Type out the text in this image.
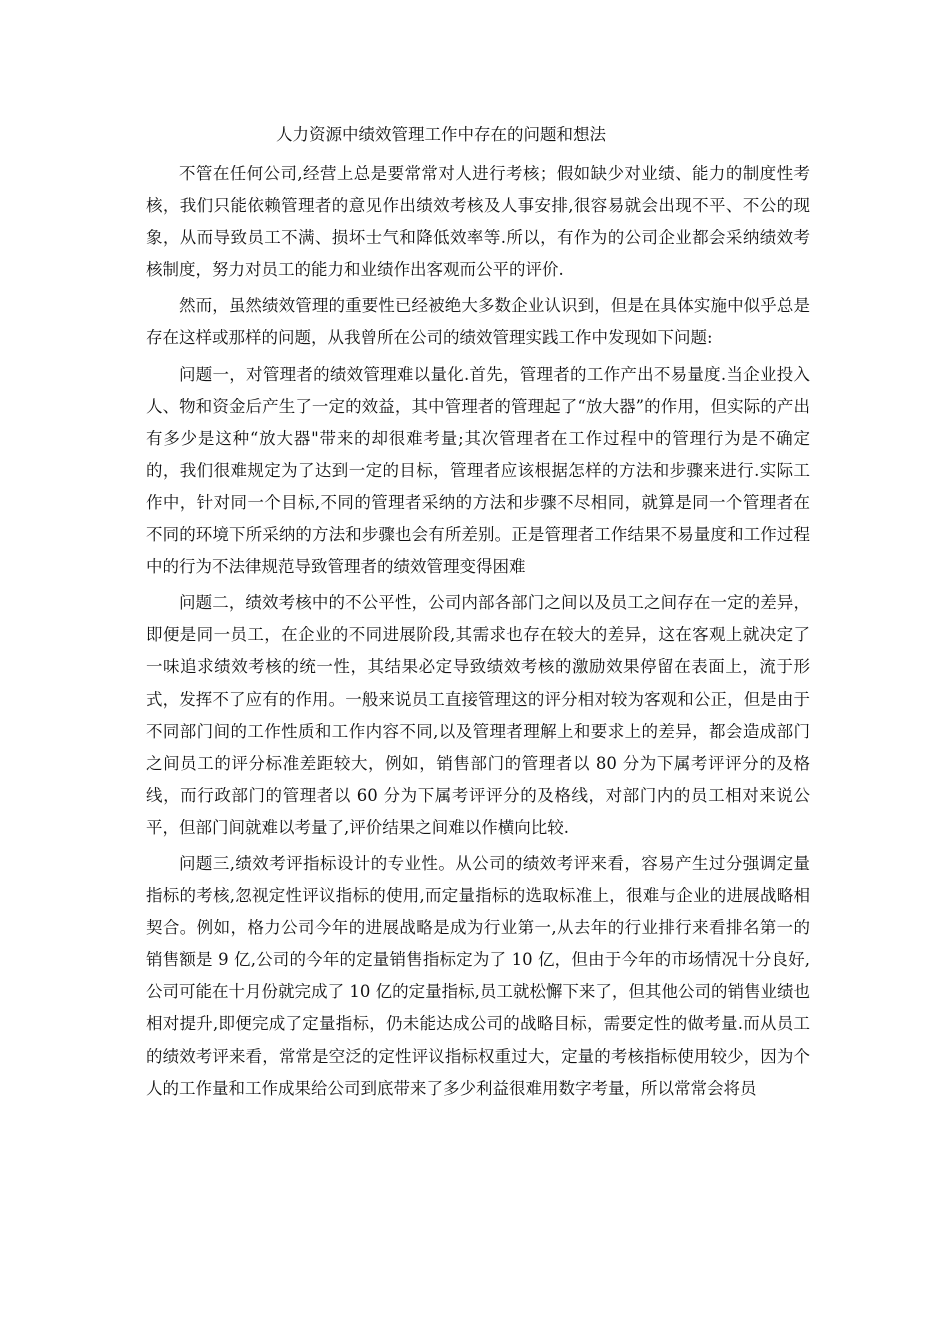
人力资源中绩效管理工作中存在的问题和想法

不管在任何公司,经营上总是要常常对人进行考核；假如缺少对业绩、能力的制度性考核，我们只能依赖管理者的意见作出绩效考核及人事安排,很容易就会出现不平、不公的现象，从而导致员工不满、损坏士气和降低效率等.所以，有作为的公司企业都会采纳绩效考核制度，努力对员工的能力和业绩作出客观而公平的评价.

然而，虽然绩效管理的重要性已经被绝大多数企业认识到，但是在具体实施中似乎总是存在这样或那样的问题，从我曾所在公司的绩效管理实践工作中发现如下问题:

问题一，对管理者的绩效管理难以量化.首先，管理者的工作产出不易量度.当企业投入人、物和资金后产生了一定的效益，其中管理者的管理起了“放大器”的作用，但实际的产出有多少是这种“放大器"带来的却很难考量;其次管理者在工作过程中的管理行为是不确定的，我们很难规定为了达到一定的目标，管理者应该根据怎样的方法和步骤来进行.实际工作中，针对同一个目标,不同的管理者采纳的方法和步骤不尽相同，就算是同一个管理者在不同的环境下所采纳的方法和步骤也会有所差别。正是管理者工作结果不易量度和工作过程中的行为不法律规范导致管理者的绩效管理变得困难

问题二，绩效考核中的不公平性，公司内部各部门之间以及员工之间存在一定的差异，即便是同一员工，在企业的不同进展阶段,其需求也存在较大的差异，这在客观上就决定了一味追求绩效考核的统一性，其结果必定导致绩效考核的激励效果停留在表面上，流于形式，发挥不了应有的作用。一般来说员工直接管理这的评分相对较为客观和公正，但是由于不同部门间的工作性质和工作内容不同,以及管理者理解上和要求上的差异，都会造成部门之间员工的评分标准差距较大，例如，销售部门的管理者以 80 分为下属考评评分的及格线，而行政部门的管理者以 60 分为下属考评评分的及格线，对部门内的员工相对来说公平，但部门间就难以考量了,评价结果之间难以作横向比较.

问题三,绩效考评指标设计的专业性。从公司的绩效考评来看，容易产生过分强调定量指标的考核,忽视定性评议指标的使用,而定量指标的选取标准上，很难与企业的进展战略相契合。例如，格力公司今年的进展战略是成为行业第一,从去年的行业排行来看排名第一的销售额是 9 亿,公司的今年的定量销售指标定为了 10 亿，但由于今年的市场情况十分良好,公司可能在十月份就完成了 10 亿的定量指标,员工就松懈下来了，但其他公司的销售业绩也相对提升,即便完成了定量指标，仍未能达成公司的战略目标，需要定性的做考量.而从员工的绩效考评来看，常常是空泛的定性评议指标权重过大，定量的考核指标使用较少，因为个人的工作量和工作成果给公司到底带来了多少利益很难用数字考量，所以常常会将员
